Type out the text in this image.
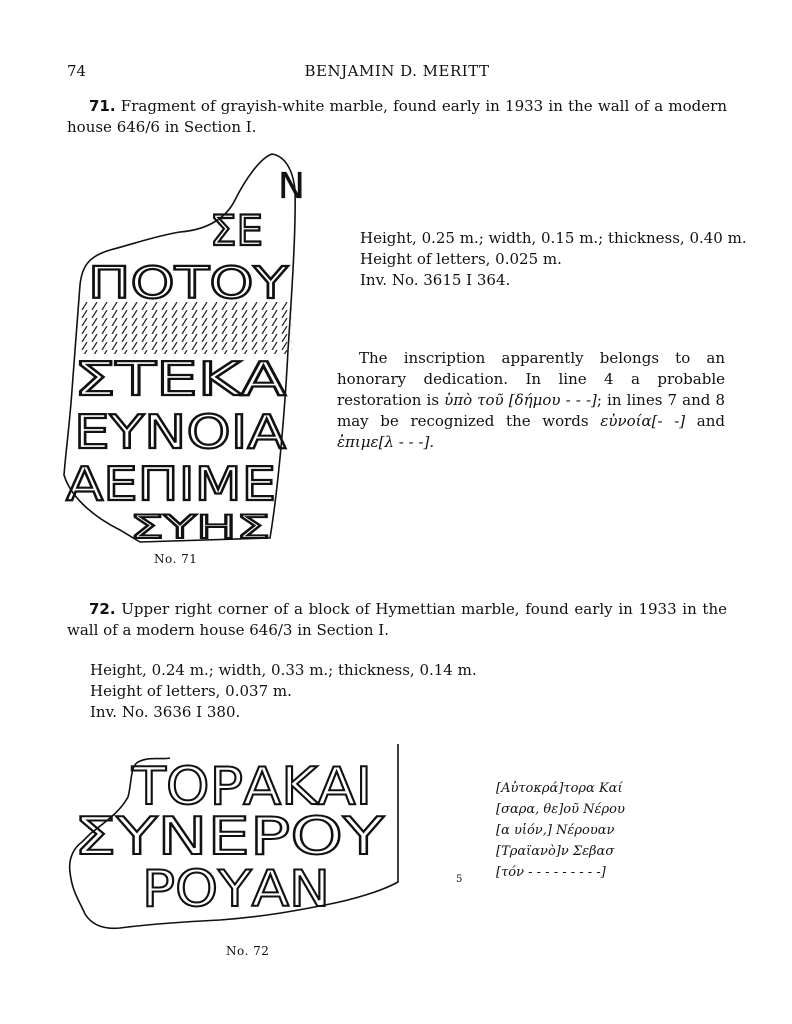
74	BENJAMIN D. MERITT
71. Fragment of grayish-white marble, found early in 1933 in the wall of a modern house 646/6 in Section I.
N
ΣΕ
ΠΟΤΟΥ
ΣΤΕΚΑ
ΕΥΝΟΙΑ
ΑΕΠΙΜΕ
ΣΥΗΣ
No. 71
Height, 0.25 m.; width, 0.15 m.; thickness, 0.40 m.
Height of letters, 0.025 m.
Inv. No. 3615 I 364.
The inscription apparently belongs to an honorary dedication. In line 4 a probable restoration is ὑπὸ τοῦ [δήμου - - -]; in lines 7 and 8 may be recognized the words εὐνοία[- -] and ἐπιμε[λ - - -].
72. Upper right corner of a block of Hymettian marble, found early in 1933 in the wall of a modern house 646/3 in Section I.
Height, 0.24 m.; width, 0.33 m.; thickness, 0.14 m.
Height of letters, 0.037 m.
Inv. No. 3636 I 380.
ΤΟΡΑΚΑΙ
ΣΥΝΕΡΟΥ
ΡΟΥΑΝ
No. 72
[Αὐτοκρά]τορα Καί
[σαρα, θε]οῦ Νέρου
[α υἱόν,] Νέρουαν
[Τραϊανὸ]ν Σεβασ
[τόν - - - - - - - - -]
5
